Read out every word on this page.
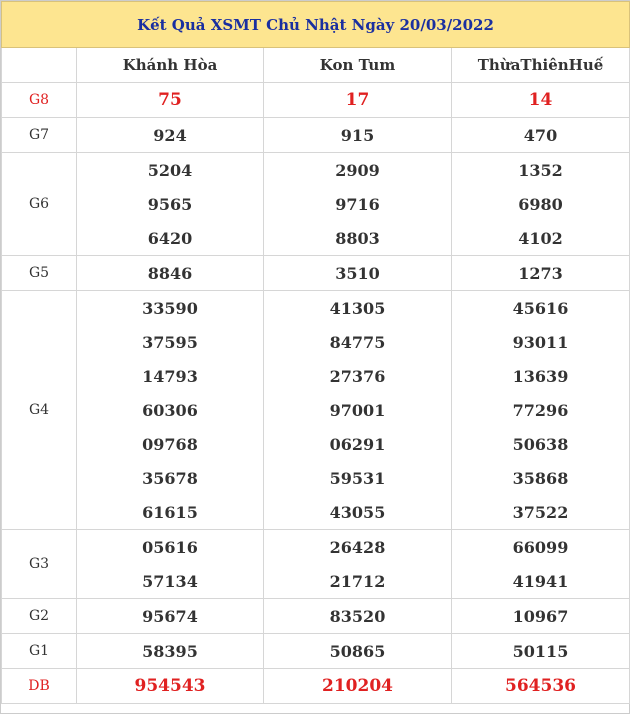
Kết Quả XSMT Chủ Nhật Ngày 20/03/2022			
	Khánh Hòa	Kon Tum	ThừaThiênHuế
G8	75	17	14
G7	924	915	470
G6	5204	2909	1352
	9565	9716	6980
	6420	8803	4102
G5	8846	3510	1273
G4	33590	41305	45616
	37595	84775	93011
	14793	27376	13639
	60306	97001	77296
	09768	06291	50638
	35678	59531	35868
	61615	43055	37522
G3	05616	26428	66099
	57134	21712	41941
G2	95674	83520	10967
G1	58395	50865	50115
DB	954543	210204	564536
